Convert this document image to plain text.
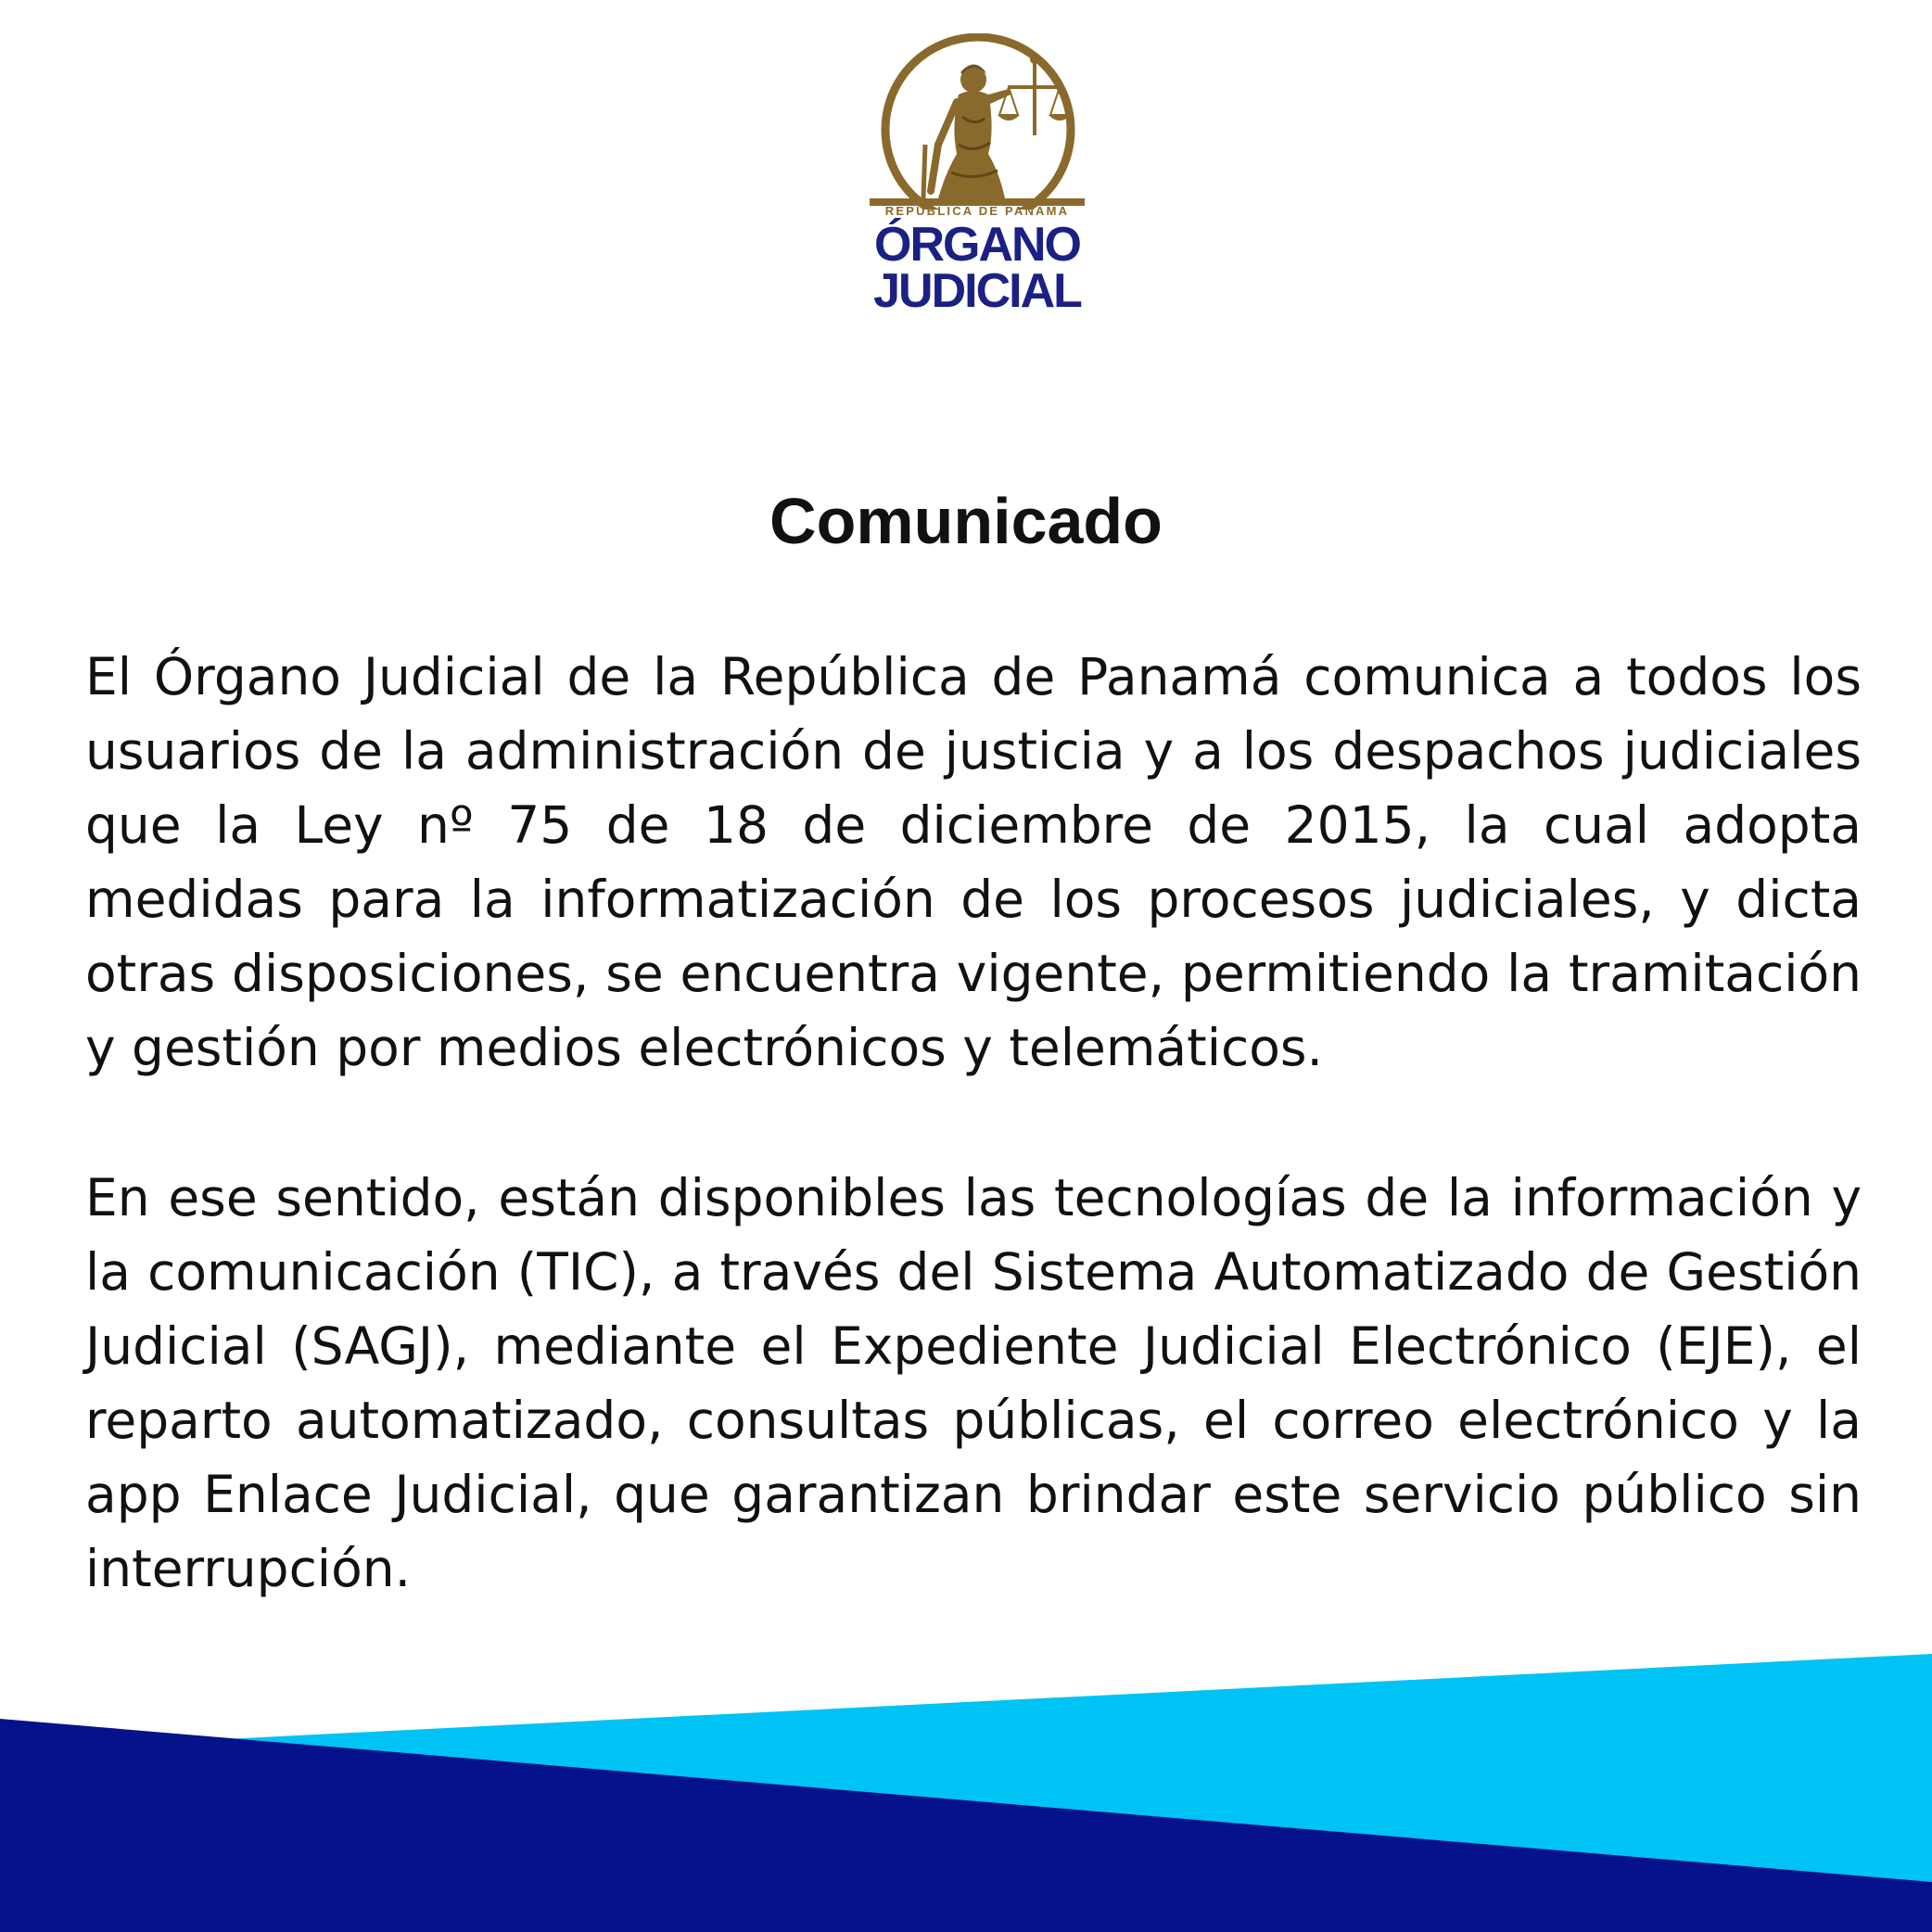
REPÚBLICA DE PANAMÁ
ÓRGANO
JUDICIAL
Comunicado

El Órgano Judicial de la República de Panamá comunica a todos los usuarios de la administración de justicia y a los despachos judiciales que la Ley nº 75 de 18 de diciembre de 2015, la cual adopta medidas para la informatización de los procesos judiciales, y dicta otras disposiciones, se encuentra vigente, permitiendo la tramitación y gestión por medios electrónicos y telemáticos.

En ese sentido, están disponibles las tecnologías de la información y la comunicación (TIC), a través del Sistema Automatizado de Gestión Judicial (SAGJ), mediante el Expediente Judicial Electrónico (EJE), el reparto automatizado, consultas públicas, el correo electrónico y la app Enlace Judicial, que garantizan brindar este servicio público sin interrupción.
